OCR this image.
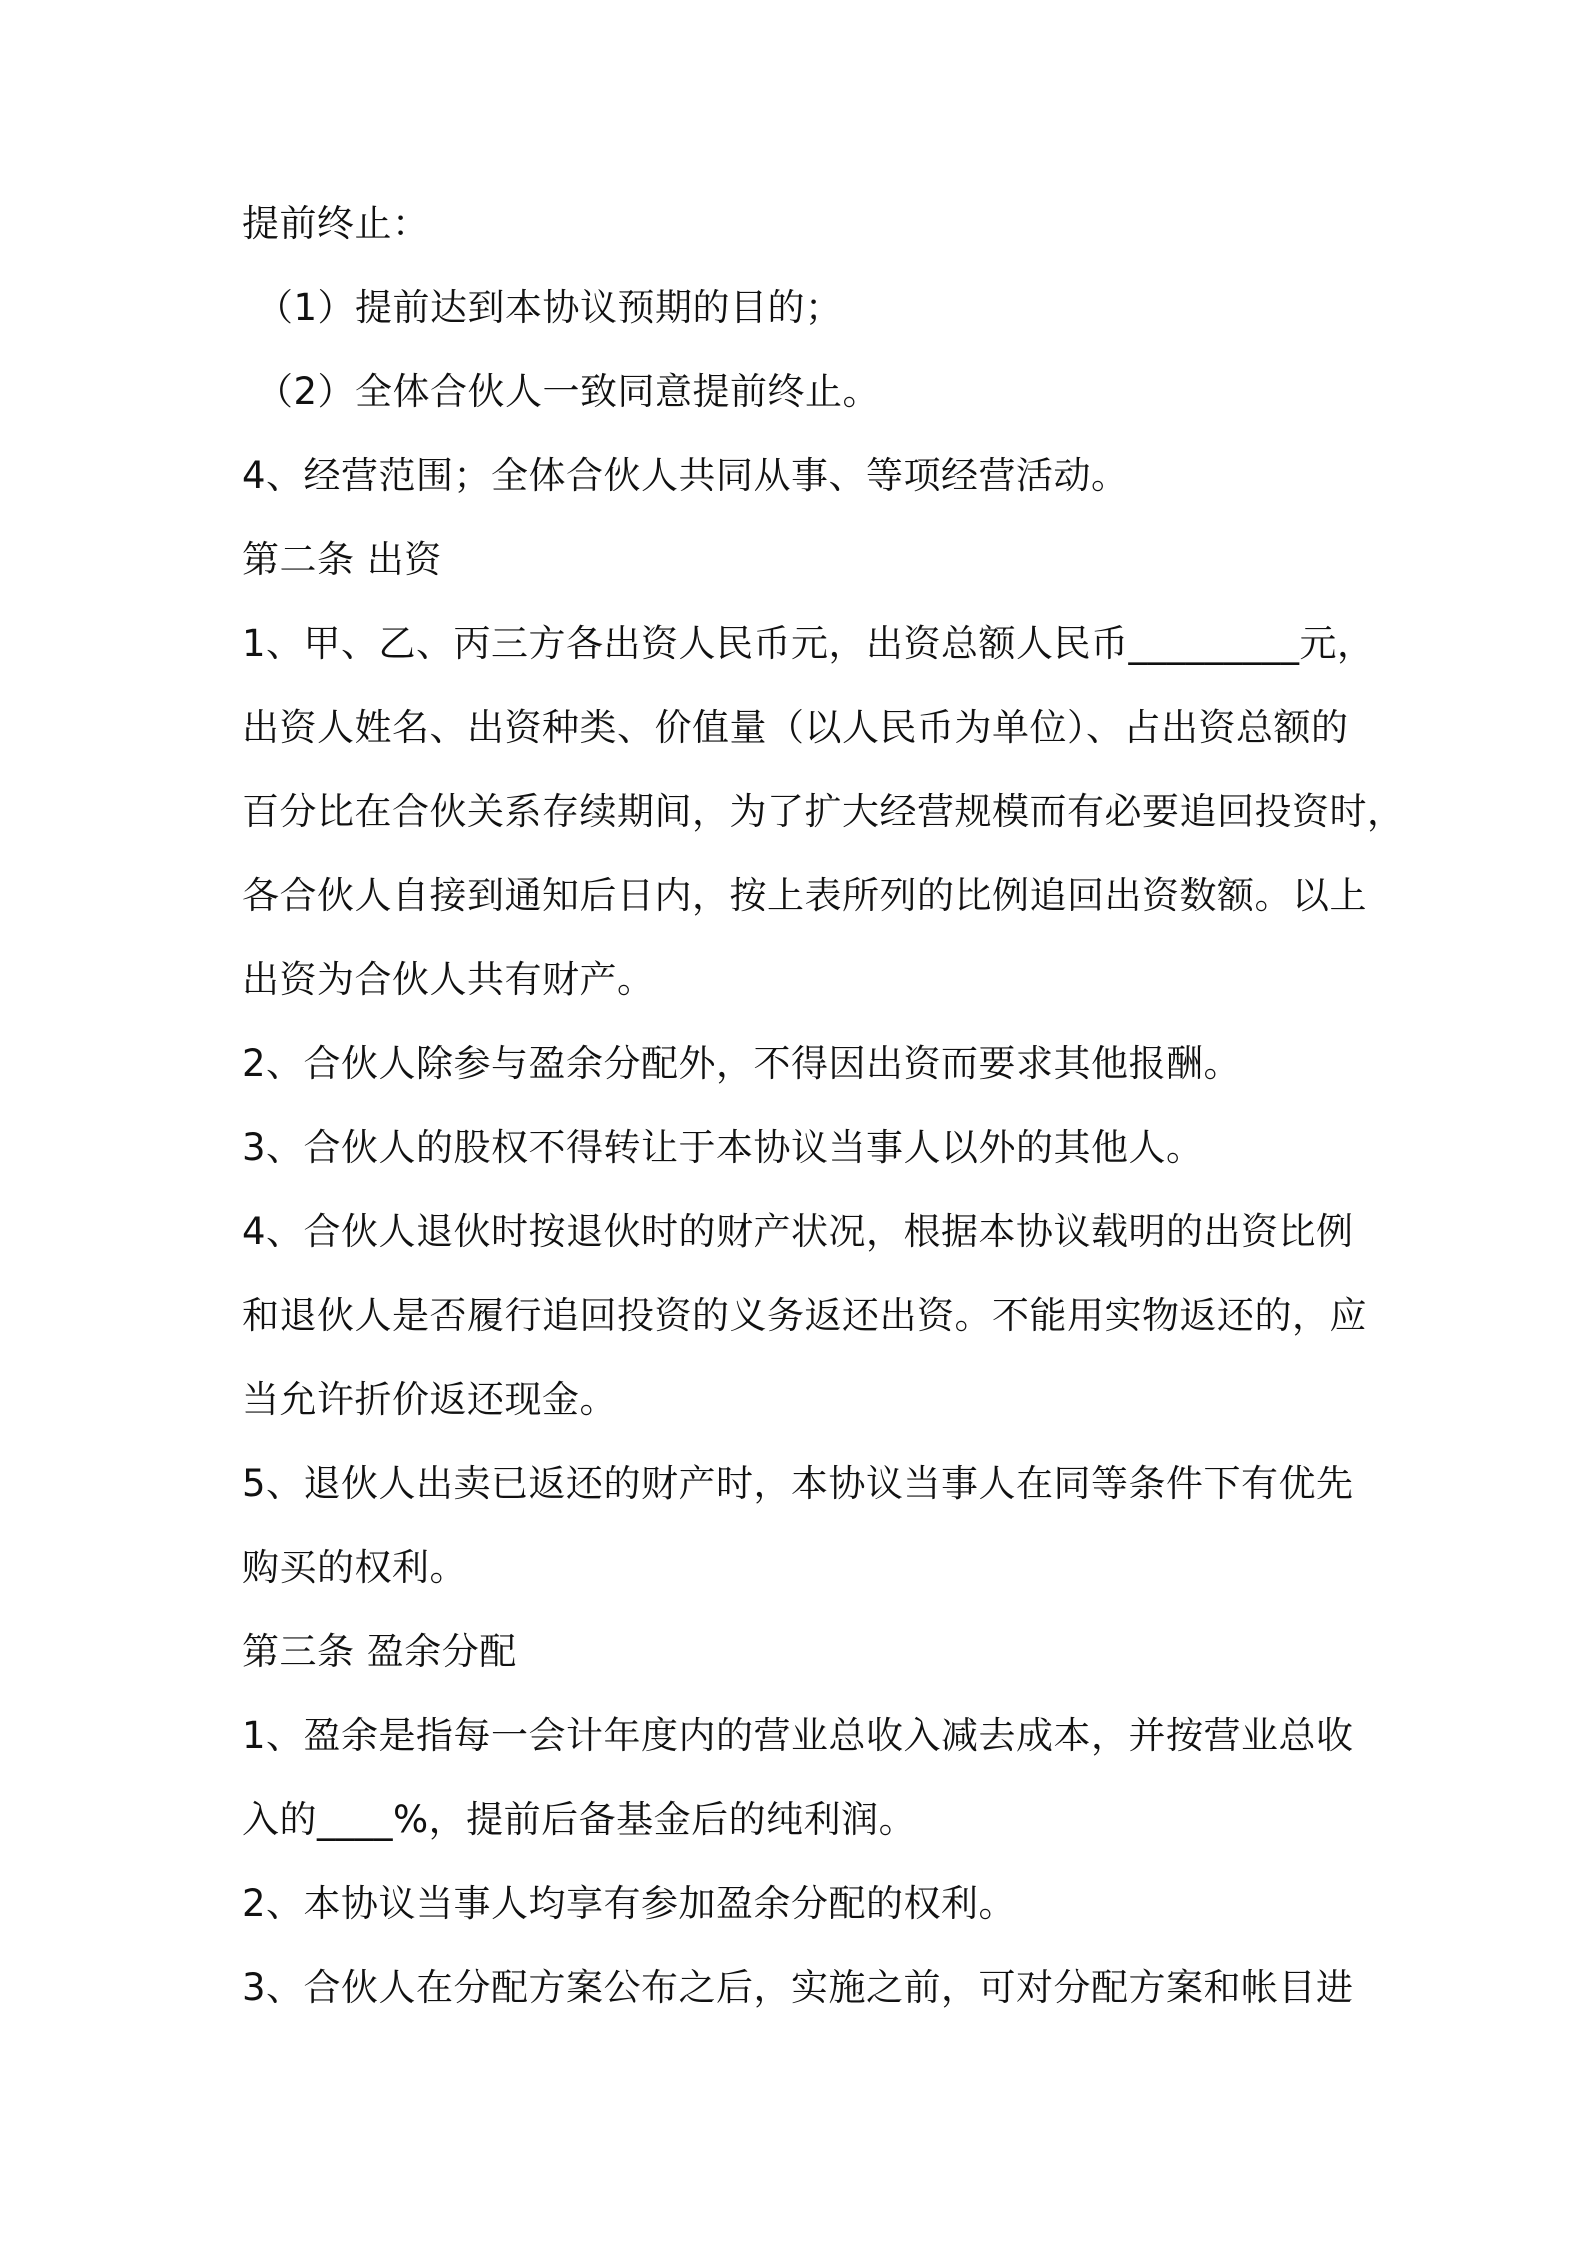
提前终止：

（1）提前达到本协议预期的目的；

（2）全体合伙人一致同意提前终止。

4、经营范围；全体合伙人共同从事、等项经营活动。

第二条 出资

1、甲、乙、丙三方各出资人民币元，出资总额人民币_________元，

出资人姓名、出资种类、价值量（以人民币为单位）、占出资总额的

百分比在合伙关系存续期间，为了扩大经营规模而有必要追回投资时，

各合伙人自接到通知后日内，按上表所列的比例追回出资数额。以上

出资为合伙人共有财产。

2、合伙人除参与盈余分配外，不得因出资而要求其他报酬。

3、合伙人的股权不得转让于本协议当事人以外的其他人。

4、合伙人退伙时按退伙时的财产状况，根据本协议载明的出资比例

和退伙人是否履行追回投资的义务返还出资。不能用实物返还的，应

当允许折价返还现金。

5、退伙人出卖已返还的财产时，本协议当事人在同等条件下有优先

购买的权利。

第三条 盈余分配

1、盈余是指每一会计年度内的营业总收入减去成本，并按营业总收

入的____%，提前后备基金后的纯利润。

2、本协议当事人均享有参加盈余分配的权利。

3、合伙人在分配方案公布之后，实施之前，可对分配方案和帐目进
